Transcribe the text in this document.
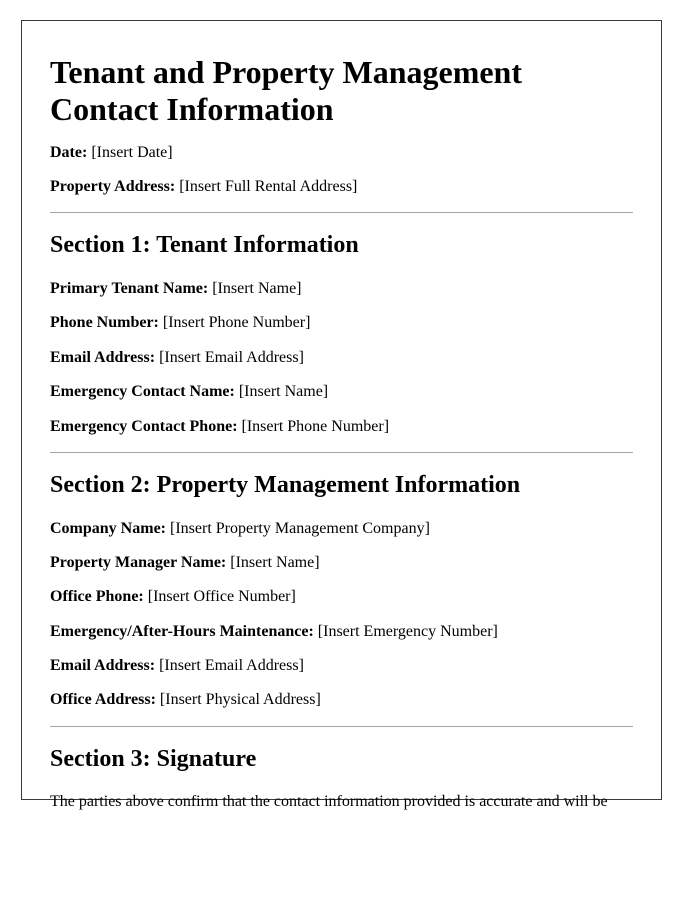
Tenant and Property Management Contact Information

Date: [Insert Date]

Property Address: [Insert Full Rental Address]

Section 1: Tenant Information

Primary Tenant Name: [Insert Name]

Phone Number: [Insert Phone Number]

Email Address: [Insert Email Address]

Emergency Contact Name: [Insert Name]

Emergency Contact Phone: [Insert Phone Number]

Section 2: Property Management Information

Company Name: [Insert Property Management Company]

Property Manager Name: [Insert Name]

Office Phone: [Insert Office Number]

Emergency/After-Hours Maintenance: [Insert Emergency Number]

Email Address: [Insert Email Address]

Office Address: [Insert Physical Address]

Section 3: Signature

The parties above confirm that the contact information provided is accurate and will be
